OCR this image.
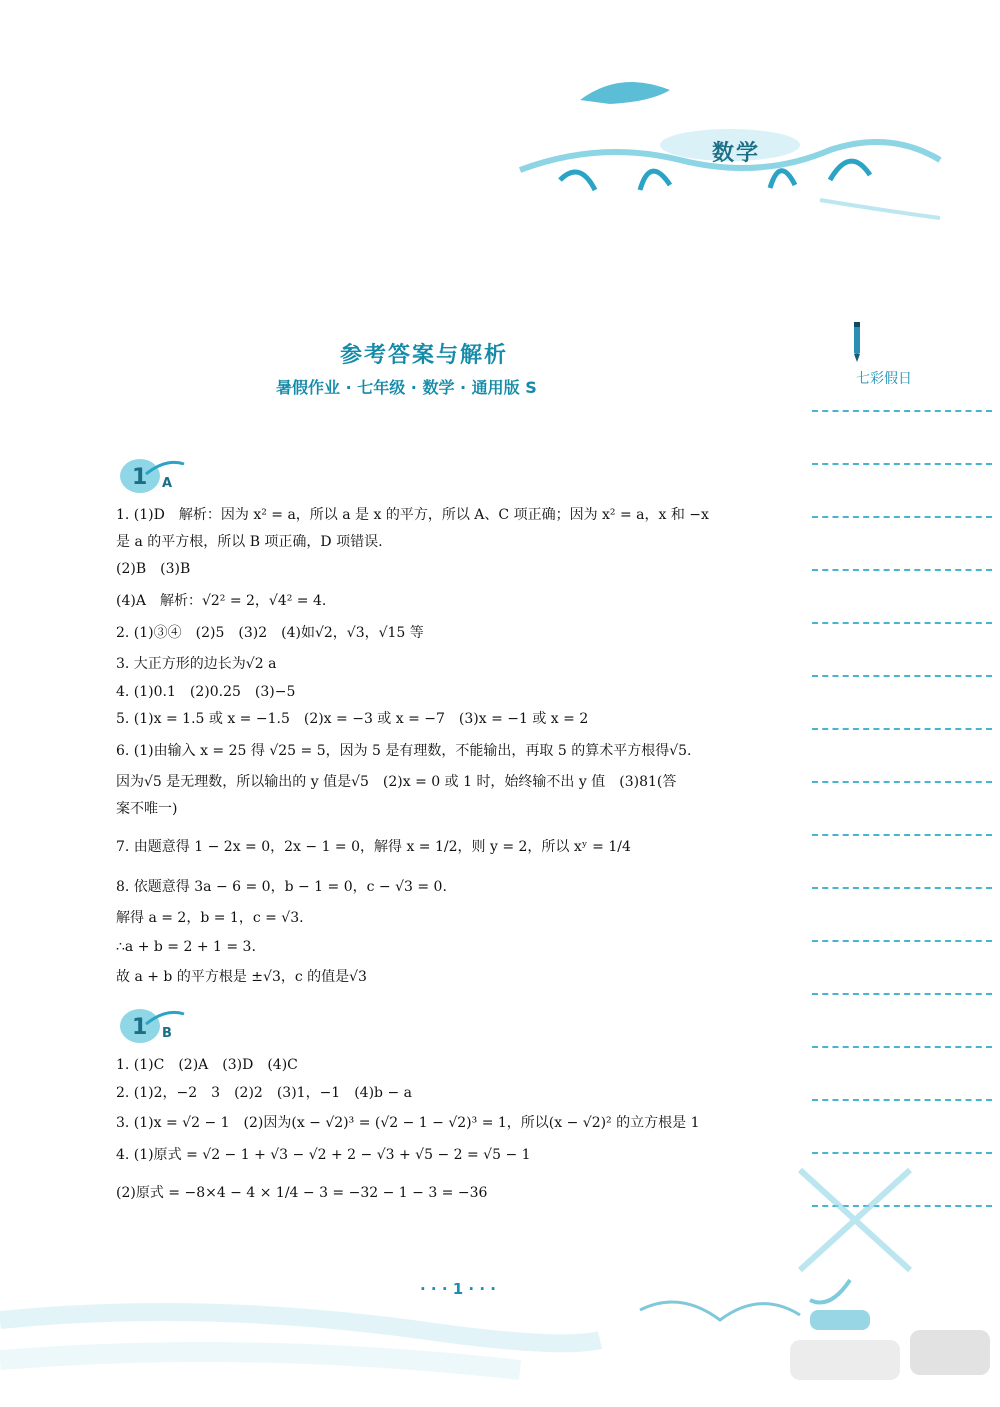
数学
参考答案与解析
暑假作业 · 七年级 · 数学 · 通用版 S	七彩假日
1 A
1. (1)D　解析：因为 x² = a，所以 a 是 x 的平方，所以 A、C 项正确；因为 x² = a，x 和 −x
是 a 的平方根，所以 B 项正确，D 项错误.
(2)B　(3)B
(4)A　解析：√2² = 2，√4² = 4.
2. (1)③④　(2)5　(3)2　(4)如√2，√3，√15 等
3. 大正方形的边长为√2 a
4. (1)0.1　(2)0.25　(3)−5
5. (1)x = 1.5 或 x = −1.5　(2)x = −3 或 x = −7　(3)x = −1 或 x = 2
6. (1)由输入 x = 25 得 √25 = 5，因为 5 是有理数，不能输出，再取 5 的算术平方根得√5.
因为√5 是无理数，所以输出的 y 值是√5　(2)x = 0 或 1 时，始终输不出 y 值　(3)81(答
案不唯一)
7. 由题意得 1 − 2x = 0，2x − 1 = 0，解得 x = 1/2，则 y = 2，所以 xʸ = 1/4
8. 依题意得 3a − 6 = 0，b − 1 = 0，c − √3 = 0.
解得 a = 2，b = 1，c = √3.
∴a + b = 2 + 1 = 3.
故 a + b 的平方根是 ±√3，c 的值是√3
1 B
1. (1)C　(2)A　(3)D　(4)C
2. (1)2，−2　3　(2)2　(3)1，−1　(4)b − a
3. (1)x = √2 − 1　(2)因为(x − √2)³ = (√2 − 1 − √2)³ = 1，所以(x − √2)² 的立方根是 1
4. (1)原式 = √2 − 1 + √3 − √2 + 2 − √3 + √5 − 2 = √5 − 1
(2)原式 = −8×4 − 4 × 1/4 − 3 = −32 − 1 − 3 = −36
· · · 1 · · ·
